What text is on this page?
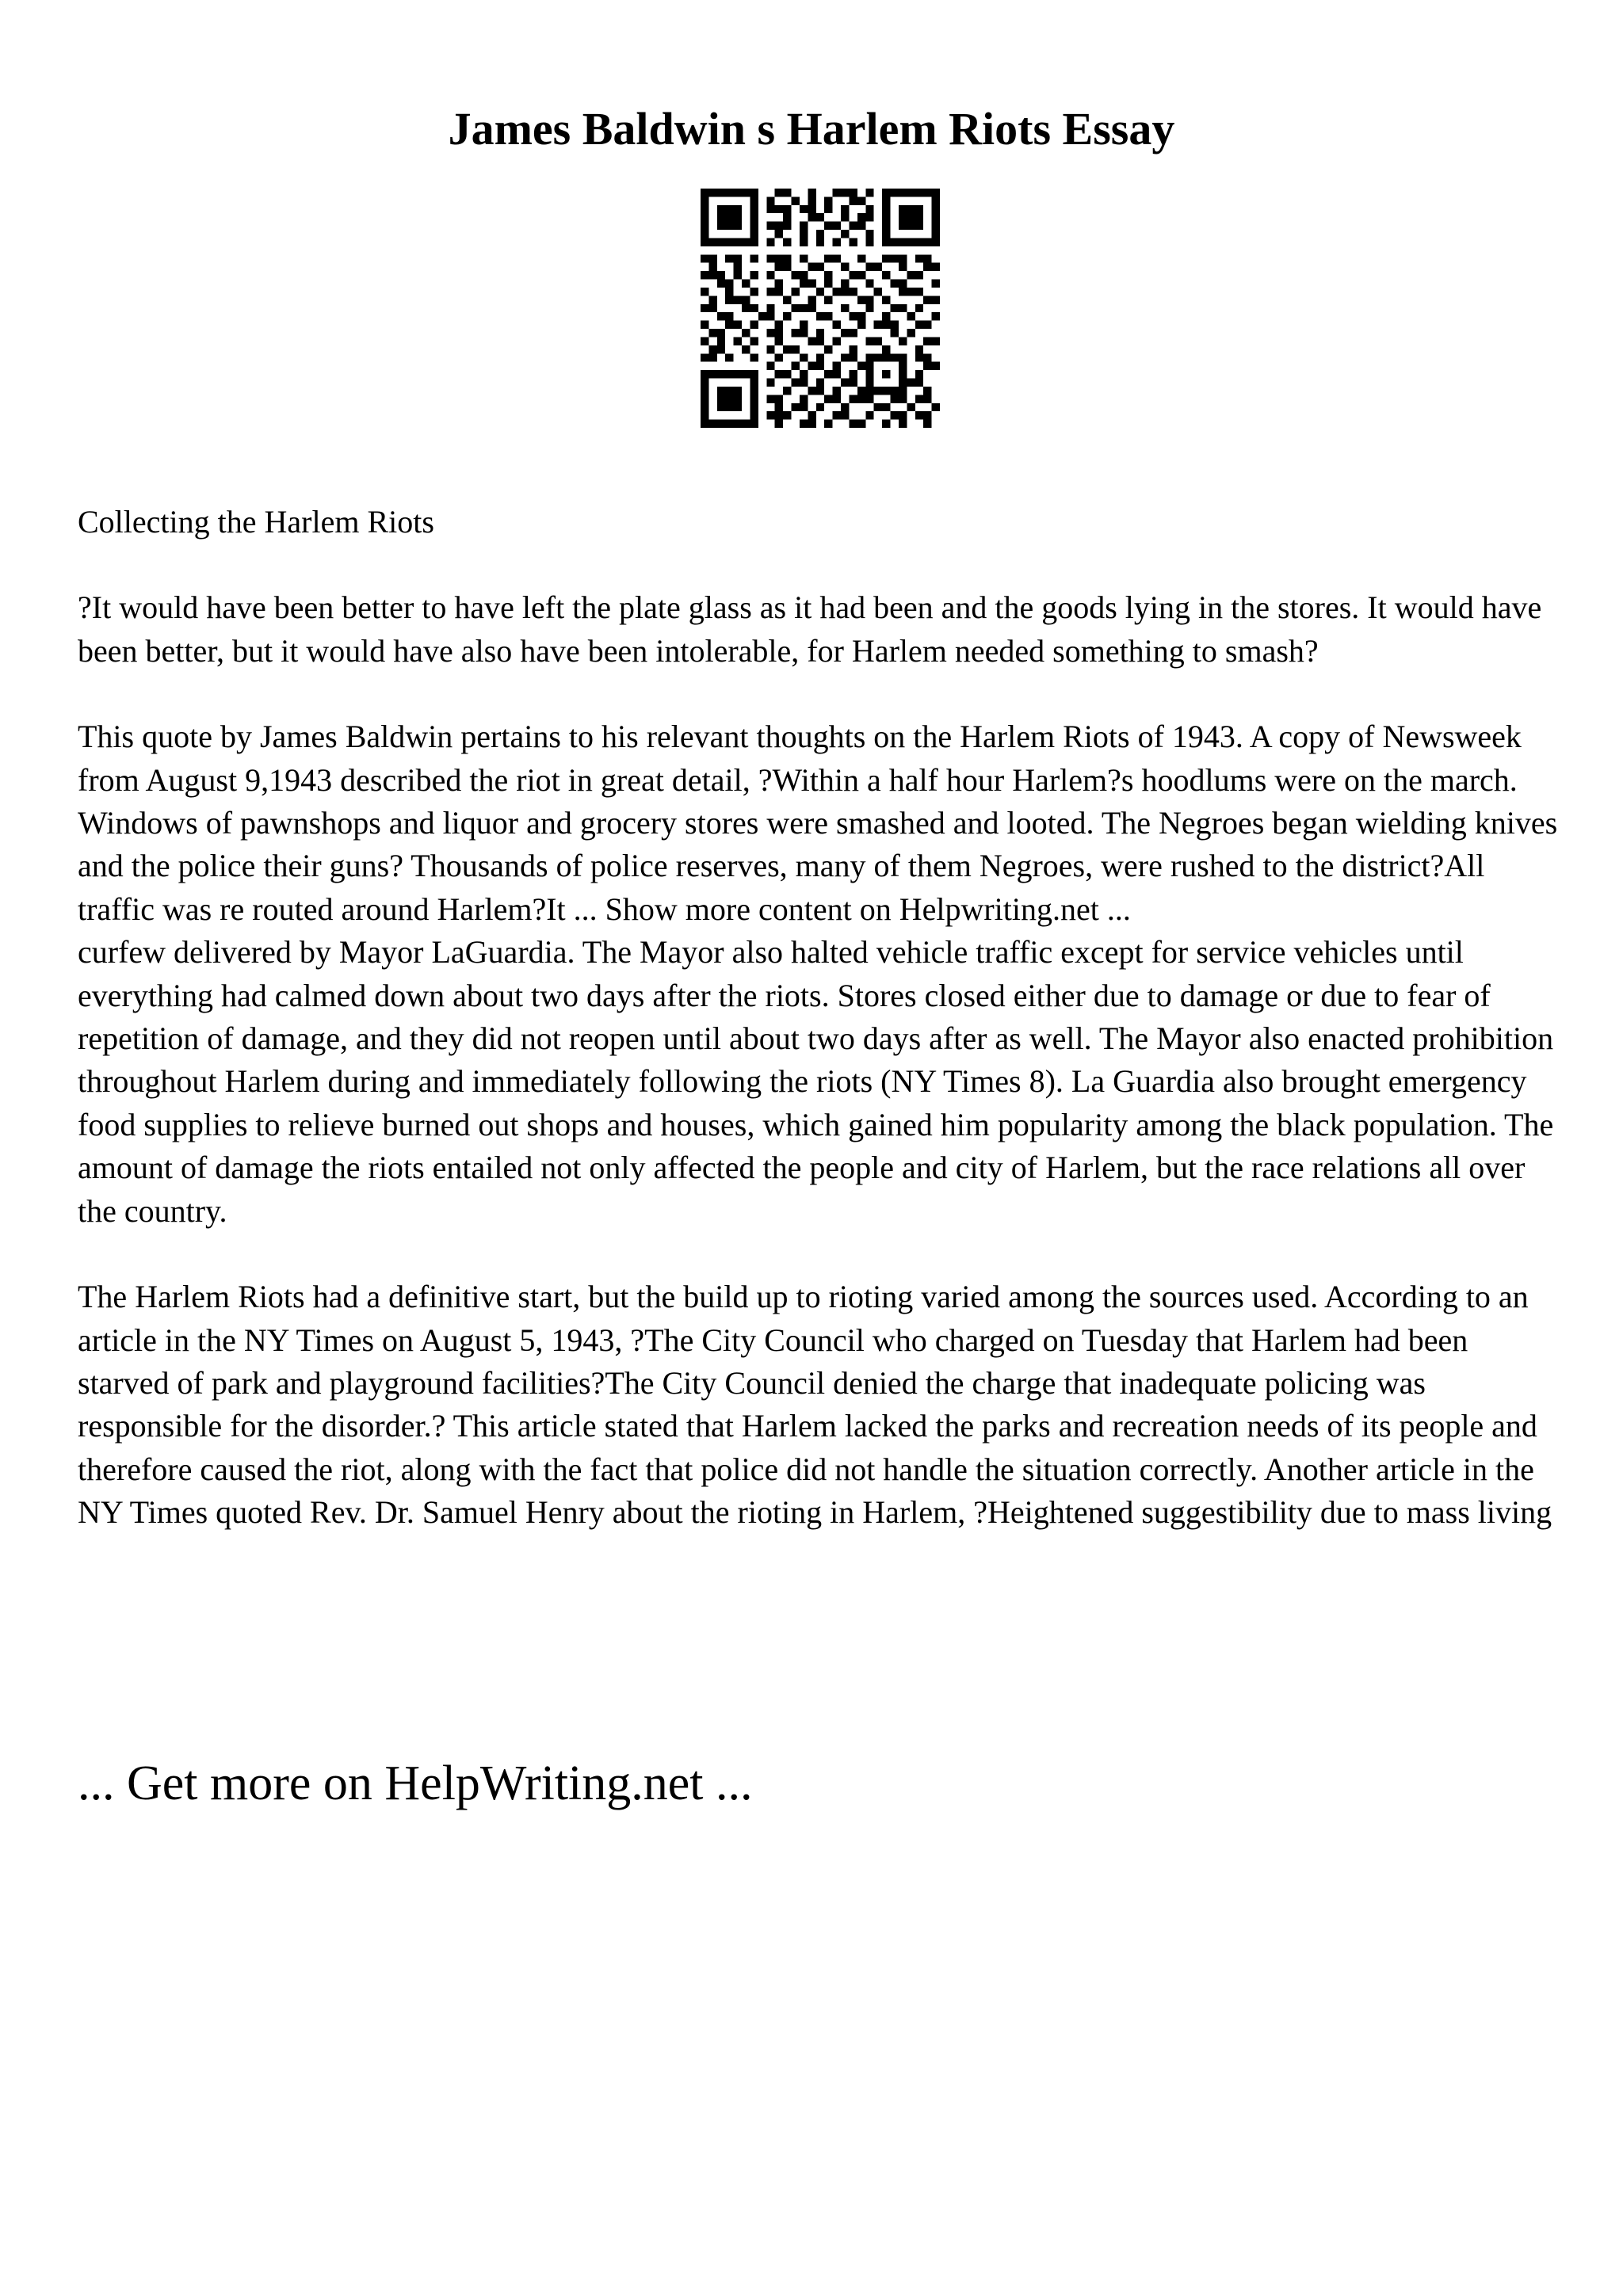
James Baldwin s Harlem Riots Essay

Collecting the Harlem Riots

?It would have been better to have left the plate glass as it had been and the goods lying in the stores. It would have been better, but it would have also have been intolerable, for Harlem needed something to smash?

This quote by James Baldwin pertains to his relevant thoughts on the Harlem Riots of 1943. A copy of Newsweek from August 9,1943 described the riot in great detail, ?Within a half hour Harlem?s hoodlums were on the march. Windows of pawnshops and liquor and grocery stores were smashed and looted. The Negroes began wielding knives and the police their guns? Thousands of police reserves, many of them Negroes, were rushed to the district?All traffic was re routed around Harlem?It ... Show more content on Helpwriting.net ...

curfew delivered by Mayor LaGuardia. The Mayor also halted vehicle traffic except for service vehicles until everything had calmed down about two days after the riots. Stores closed either due to damage or due to fear of repetition of damage, and they did not reopen until about two days after as well. The Mayor also enacted prohibition throughout Harlem during and immediately following the riots (NY Times 8). La Guardia also brought emergency food supplies to relieve burned out shops and houses, which gained him popularity among the black population. The amount of damage the riots entailed not only affected the people and city of Harlem, but the race relations all over the country.

The Harlem Riots had a definitive start, but the build up to rioting varied among the sources used. According to an article in the NY Times on August 5, 1943, ?The City Council who charged on Tuesday that Harlem had been starved of park and playground facilities?The City Council denied the charge that inadequate policing was responsible for the disorder.? This article stated that Harlem lacked the parks and recreation needs of its people and therefore caused the riot, along with the fact that police did not handle the situation correctly. Another article in the NY Times quoted Rev. Dr. Samuel Henry about the rioting in Harlem, ?Heightened suggestibility due to mass living

... Get more on HelpWriting.net ...
